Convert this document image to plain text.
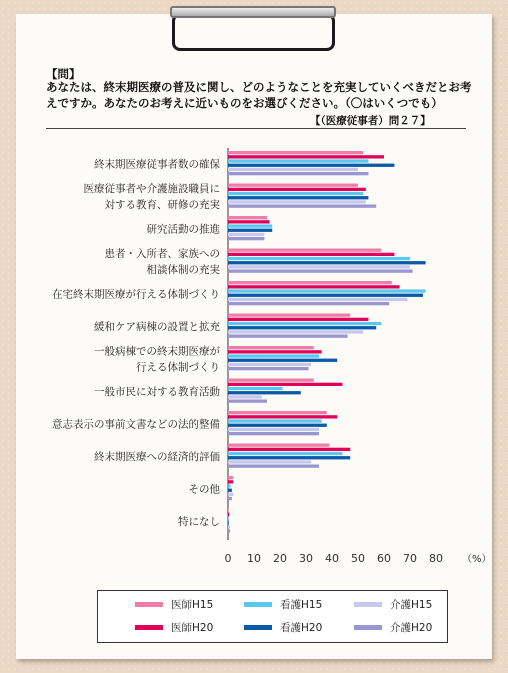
【問】
あなたは、終末期医療の普及に関し、どのようなことを充実していくべきだとお考えですか。あなたのお考えに近いものをお選びください。（〇はいくつでも）
【（医療従事者）問２７】
0 10 20 30 40 50 60 70 80 （%）
終末期医療従事者数の確保
医療従事者や介護施設職員に
対する教育、研修の充実
研究活動の推進
患者・入所者、家族への
相談体制の充実
在宅終末期医療が行える体制づくり
緩和ケア病棟の設置と拡充
一般病棟での終末期医療が
行える体制づくり
一般市民に対する教育活動
意志表示の事前文書などの法的整備
終末期医療への経済的評価
その他
特になし
医師H15	看護H15	介護H15
医師H20	看護H20	介護H20
